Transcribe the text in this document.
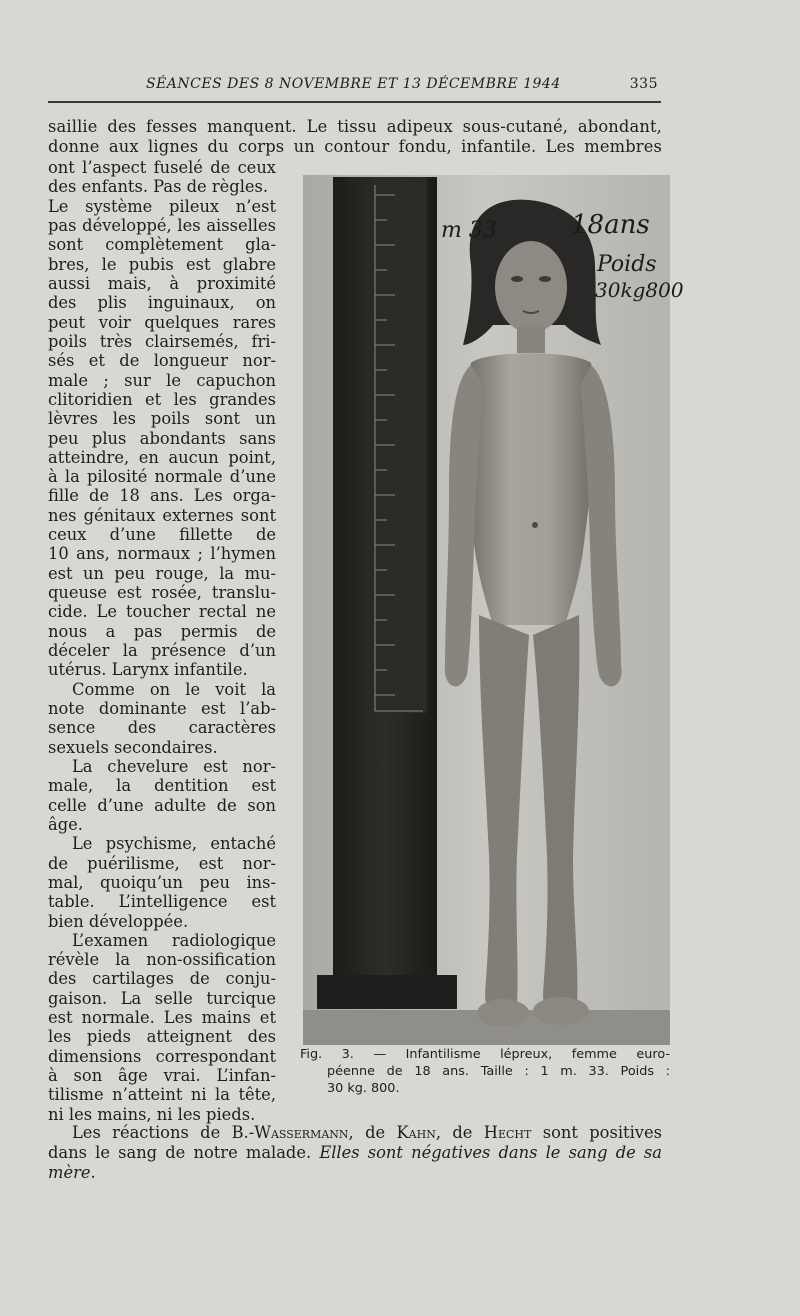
SÉANCES DES 8 NOVEMBRE ET 13 DÉCEMBRE 1944	335
saillie des fesses manquent. Le tissu adipeux sous-cutané, abondant,
donne aux lignes du corps un contour fondu, infantile. Les membres
ont l’aspect fuselé de ceux
des enfants. Pas de règles.
Le système pileux n’est
pas développé, les aisselles
sont complètement gla-
bres, le pubis est glabre
aussi mais, à proximité
des plis inguinaux, on
peut voir quelques rares
poils très clairsemés, fri-
sés et de longueur nor-
male ; sur le capuchon
clitoridien et les grandes
lèvres les poils sont un
peu plus abondants sans
atteindre, en aucun point,
à la pilosité normale d’une
fille de 18 ans. Les orga-
nes génitaux externes sont
ceux d’une fillette de
10 ans, normaux ; l’hymen
est un peu rouge, la mu-
queuse est rosée, translu-
cide. Le toucher rectal ne
nous a pas permis de
déceler la présence d’un
utérus. Larynx infantile.
Comme on le voit la
note dominante est l’ab-
sence des caractères
sexuels secondaires.
La chevelure est nor-
male, la dentition est
celle d’une adulte de son
âge.
Le psychisme, entaché
de puérilisme, est nor-
mal, quoiqu’un peu ins-
table. L’intelligence est
bien développée.
L’examen radiologique
révèle la non-ossification
des cartilages de conju-
gaison. La selle turcique
est normale. Les mains et
les pieds atteignent des
dimensions correspondant
à son âge vrai. L’infan-
tilisme n’atteint ni la tête,
ni les mains, ni les pieds.
1m 33	18ans
Poids
30kg800
Fig. 3. — Infantilisme lépreux, femme euro-
péenne de 18 ans. Taille : 1 m. 33. Poids :
30 kg. 800.
Les réactions de B.-Wassermann, de Kahn, de Hecht sont positives
dans le sang de notre malade. Elles sont négatives dans le sang de sa
mère.
